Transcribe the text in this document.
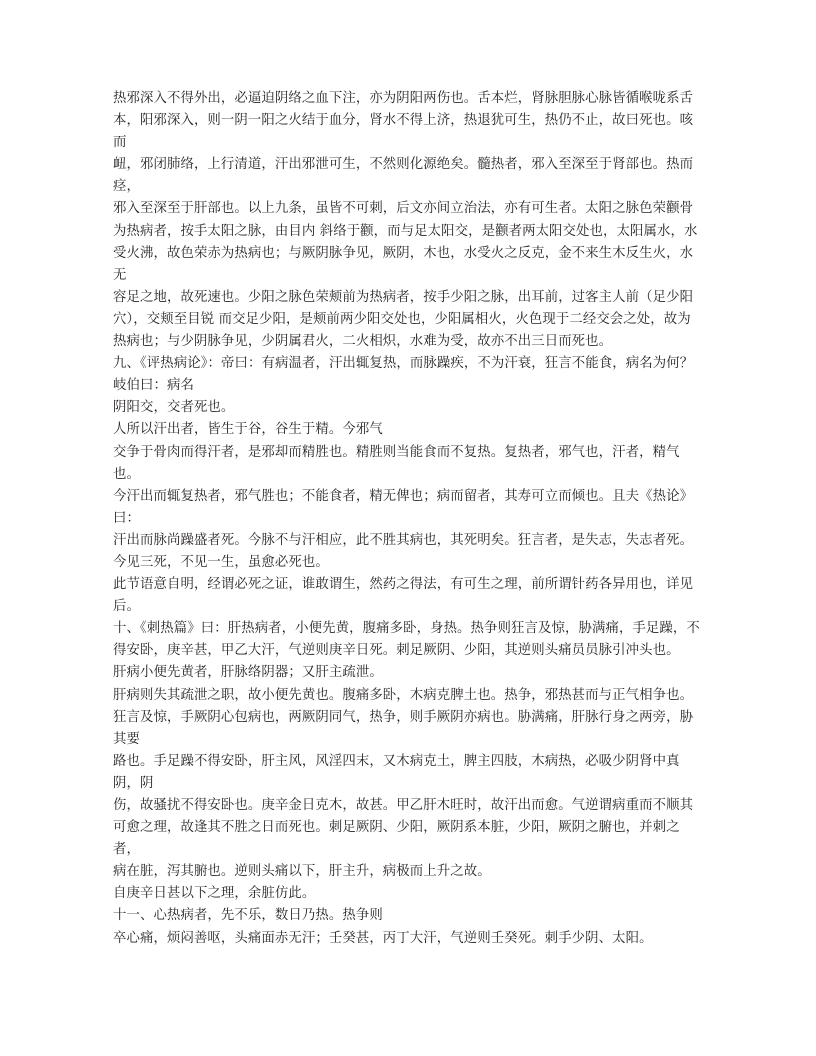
热邪深入不得外出，必逼迫阴络之血下注，亦为阴阳两伤也。舌本烂，肾脉胆脉心脉皆循喉咙系舌

本，阳邪深入，则一阴一阳之火结于血分，肾水不得上济，热退犹可生，热仍不止，故曰死也。咳而

衄，邪闭肺络，上行清道，汗出邪泄可生，不然则化源绝矣。髓热者，邪入至深至于肾部也。热而痉，

邪入至深至于肝部也。以上九条，虽皆不可刺，后文亦间立治法，亦有可生者。太阳之脉色荣颧骨

为热病者，按手太阳之脉，由目内 斜络于颧，而与足太阳交，是颧者两太阳交处也，太阳属水，水受火沸，故色荣赤为热病也；与厥阴脉争见，厥阴，木也，水受火之反克，金不来生木反生火，水无

容足之地，故死速也。少阳之脉色荣颊前为热病者，按手少阳之脉，出耳前，过客主人前（足少阳

穴），交颊至目锐 而交足少阳，是颊前两少阳交处也，少阳属相火，火色现于二经交会之处，故为

热病也；与少阴脉争见，少阴属君火，二火相炽，水难为受，故亦不出三日而死也。

九、《评热病论》：帝曰：有病温者，汗出辄复热，而脉躁疾，不为汗衰，狂言不能食，病名为何？岐伯曰：病名

阴阳交，交者死也。

人所以汗出者，皆生于谷，谷生于精。今邪气

交争于骨肉而得汗者，是邪却而精胜也。精胜则当能食而不复热。复热者，邪气也，汗者，精气也。

今汗出而辄复热者，邪气胜也；不能食者，精无俾也；病而留者，其寿可立而倾也。且夫《热论》曰：

汗出而脉尚躁盛者死。今脉不与汗相应，此不胜其病也，其死明矣。狂言者，是失志，失志者死。

今见三死，不见一生，虽愈必死也。

此节语意自明，经谓必死之证，谁敢谓生，然药之得法，有可生之理，前所谓针药各异用也，详见后。

十、《刺热篇》曰：肝热病者，小便先黄，腹痛多卧，身热。热争则狂言及惊，胁满痛，手足躁，不

得安卧，庚辛甚，甲乙大汗，气逆则庚辛日死。刺足厥阴、少阳，其逆则头痛员员脉引冲头也。

肝病小便先黄者，肝脉络阴器；又肝主疏泄。

肝病则失其疏泄之职，故小便先黄也。腹痛多卧，木病克脾土也。热争，邪热甚而与正气相争也。

狂言及惊，手厥阴心包病也，两厥阴同气，热争，则手厥阴亦病也。胁满痛，肝脉行身之两旁，胁其要

路也。手足躁不得安卧，肝主风，风淫四末，又木病克土，脾主四肢，木病热，必吸少阴肾中真阴，阴

伤，故骚扰不得安卧也。庚辛金日克木，故甚。甲乙肝木旺时，故汗出而愈。气逆谓病重而不顺其

可愈之理，故逢其不胜之日而死也。刺足厥阴、少阳，厥阴系本脏，少阳，厥阴之腑也，并刺之者，

病在脏，泻其腑也。逆则头痛以下，肝主升，病极而上升之故。

自庚辛日甚以下之理，余脏仿此。

十一、心热病者，先不乐，数日乃热。热争则

卒心痛，烦闷善呕，头痛面赤无汗；壬癸甚，丙丁大汗，气逆则壬癸死。刺手少阴、太阳。
